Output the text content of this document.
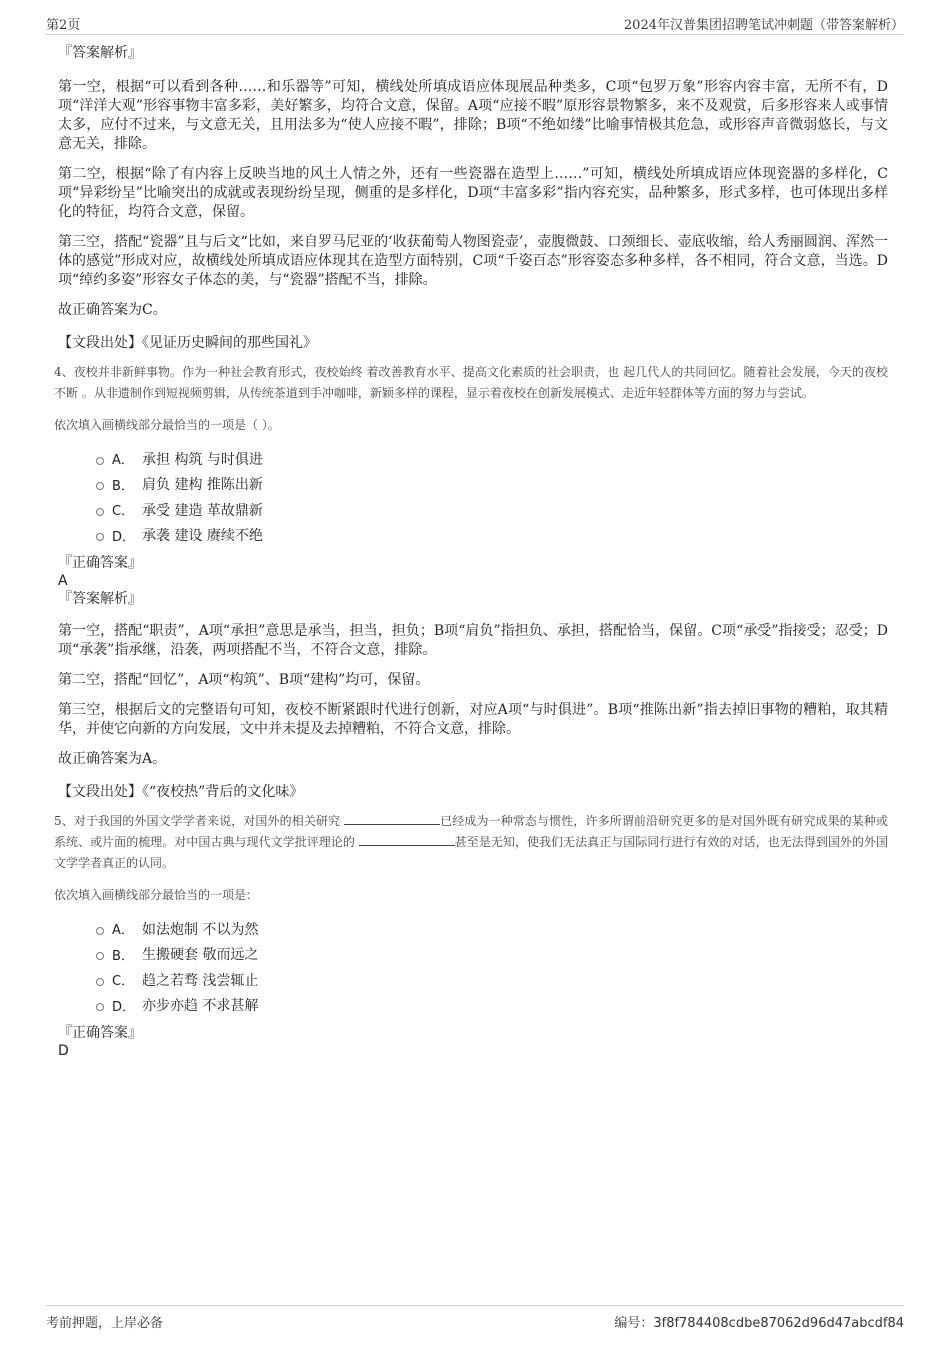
第2页	2024年汉普集团招聘笔试冲刺题（带答案解析）

『答案解析』

第一空，根据“可以看到各种……和乐器等”可知，横线处所填成语应体现展品种类多，C项“包罗万象”形容内容丰富，无所不有，D项“洋洋大观”形容事物丰富多彩，美好繁多，均符合文意，保留。A项“应接不暇”原形容景物繁多，来不及观赏，后多形容来人或事情太多，应付不过来，与文意无关，且用法多为“使人应接不暇”，排除；B项“不绝如缕”比喻事情极其危急，或形容声音微弱悠长，与文意无关，排除。

第二空，根据“除了有内容上反映当地的风土人情之外，还有一些瓷器在造型上……”可知，横线处所填成语应体现瓷器的多样化，C项“异彩纷呈”比喻突出的成就或表现纷纷呈现，侧重的是多样化，D项“丰富多彩”指内容充实，品种繁多，形式多样，也可体现出多样化的特征，均符合文意，保留。

第三空，搭配“瓷器”且与后文“比如，来自罗马尼亚的‘收获葡萄人物图瓷壶’，壶腹微鼓、口颈细长、壶底收缩，给人秀丽圆润、浑然一体的感觉”形成对应，故横线处所填成语应体现其在造型方面特别，C项“千姿百态”形容姿态多种多样，各不相同，符合文意，当选。D项“绰约多姿”形容女子体态的美，与“瓷器”搭配不当，排除。

故正确答案为C。

【文段出处】《见证历史瞬间的那些国礼》

4、夜校并非新鲜事物。作为一种社会教育形式，夜校始终 着改善教育水平、提高文化素质的社会职责，也 起几代人的共同回忆。随着社会发展，今天的夜校不断 。从非遗制作到短视频剪辑，从传统茶道到手冲咖啡，新颖多样的课程，显示着夜校在创新发展模式、走近年轻群体等方面的努力与尝试。

依次填入画横线部分最恰当的一项是（ ）。

A． 承担 构筑 与时俱进
B． 肩负 建构 推陈出新
C． 承受 建造 革故鼎新
D． 承袭 建设 赓续不绝

『正确答案』

A

『答案解析』

第一空，搭配“职责”，A项“承担”意思是承当，担当，担负；B项“肩负”指担负、承担，搭配恰当，保留。C项“承受”指接受；忍受；D项“承袭”指承继，沿袭，两项搭配不当，不符合文意，排除。

第二空，搭配“回忆”，A项“构筑”、B项“建构”均可，保留。

第三空，根据后文的完整语句可知，夜校不断紧跟时代进行创新，对应A项“与时俱进”。B项“推陈出新”指去掉旧事物的糟粕，取其精华，并使它向新的方向发展，文中并未提及去掉糟粕，不符合文意，排除。

故正确答案为A。

【文段出处】《“夜校热”背后的文化味》

5、对于我国的外国文学学者来说，对国外的相关研究	已经成为一种常态与惯性，许多所谓前沿研究更多的是对国外既有研究成果的某种或系统、或片面的梳理。对中国古典与现代文学批评理论的	甚至是无知，使我们无法真正与国际同行进行有效的对话，也无法得到国外的外国文学学者真正的认同。

依次填入画横线部分最恰当的一项是：

A． 如法炮制 不以为然
B． 生搬硬套 敬而远之
C． 趋之若骛 浅尝辄止
D． 亦步亦趋 不求甚解

『正确答案』

D

考前押题，上岸必备	编号：3f8f784408cdbe87062d96d47abcdf84
